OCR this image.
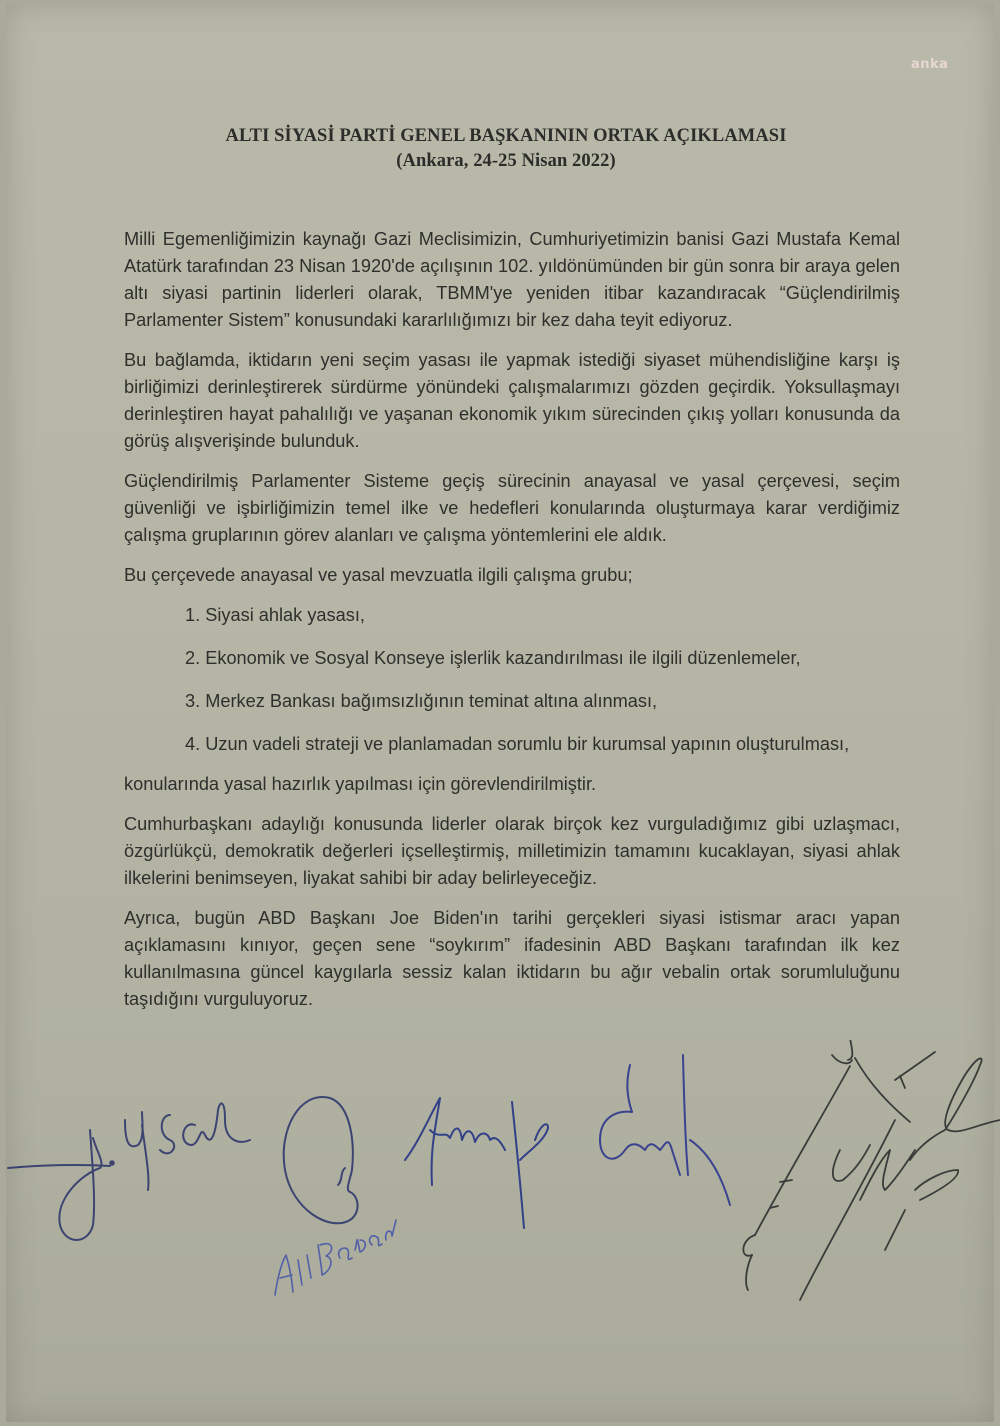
anka
ALTI SİYASİ PARTİ GENEL BAŞKANININ ORTAK AÇIKLAMASI
(Ankara, 24-25 Nisan 2022)

Milli Egemenliğimizin kaynağı Gazi Meclisimizin, Cumhuriyetimizin banisi Gazi Mustafa Kemal Atatürk tarafından 23 Nisan 1920'de açılışının 102. yıldönümünden bir gün sonra bir araya gelen altı siyasi partinin liderleri olarak, TBMM'ye yeniden itibar kazandıracak “Güçlendirilmiş Parlamenter Sistem” konusundaki kararlılığımızı bir kez daha teyit ediyoruz.

Bu bağlamda, iktidarın yeni seçim yasası ile yapmak istediği siyaset mühendisliğine karşı iş birliğimizi derinleştirerek sürdürme yönündeki çalışmalarımızı gözden geçirdik. Yoksullaşmayı derinleştiren hayat pahalılığı ve yaşanan ekonomik yıkım sürecinden çıkış yolları konusunda da görüş alışverişinde bulunduk.

Güçlendirilmiş Parlamenter Sisteme geçiş sürecinin anayasal ve yasal çerçevesi, seçim güvenliği ve işbirliğimizin temel ilke ve hedefleri konularında oluşturmaya karar verdiğimiz çalışma gruplarının görev alanları ve çalışma yöntemlerini ele aldık.

Bu çerçevede anayasal ve yasal mevzuatla ilgili çalışma grubu;

1. Siyasi ahlak yasası,
2. Ekonomik ve Sosyal Konseye işlerlik kazandırılması ile ilgili düzenlemeler,
3. Merkez Bankası bağımsızlığının teminat altına alınması,
4. Uzun vadeli strateji ve planlamadan sorumlu bir kurumsal yapının oluşturulması,

konularında yasal hazırlık yapılması için görevlendirilmiştir.

Cumhurbaşkanı adaylığı konusunda liderler olarak birçok kez vurguladığımız gibi uzlaşmacı, özgürlükçü, demokratik değerleri içselleştirmiş, milletimizin tamamını kucaklayan, siyasi ahlak ilkelerini benimseyen, liyakat sahibi bir aday belirleyeceğiz.

Ayrıca, bugün ABD Başkanı Joe Biden'ın tarihi gerçekleri siyasi istismar aracı yapan açıklamasını kınıyor, geçen sene “soykırım” ifadesinin ABD Başkanı tarafından ilk kez kullanılmasına güncel kaygılarla sessiz kalan iktidarın bu ağır vebalin ortak sorumluluğunu taşıdığını vurguluyoruz.
